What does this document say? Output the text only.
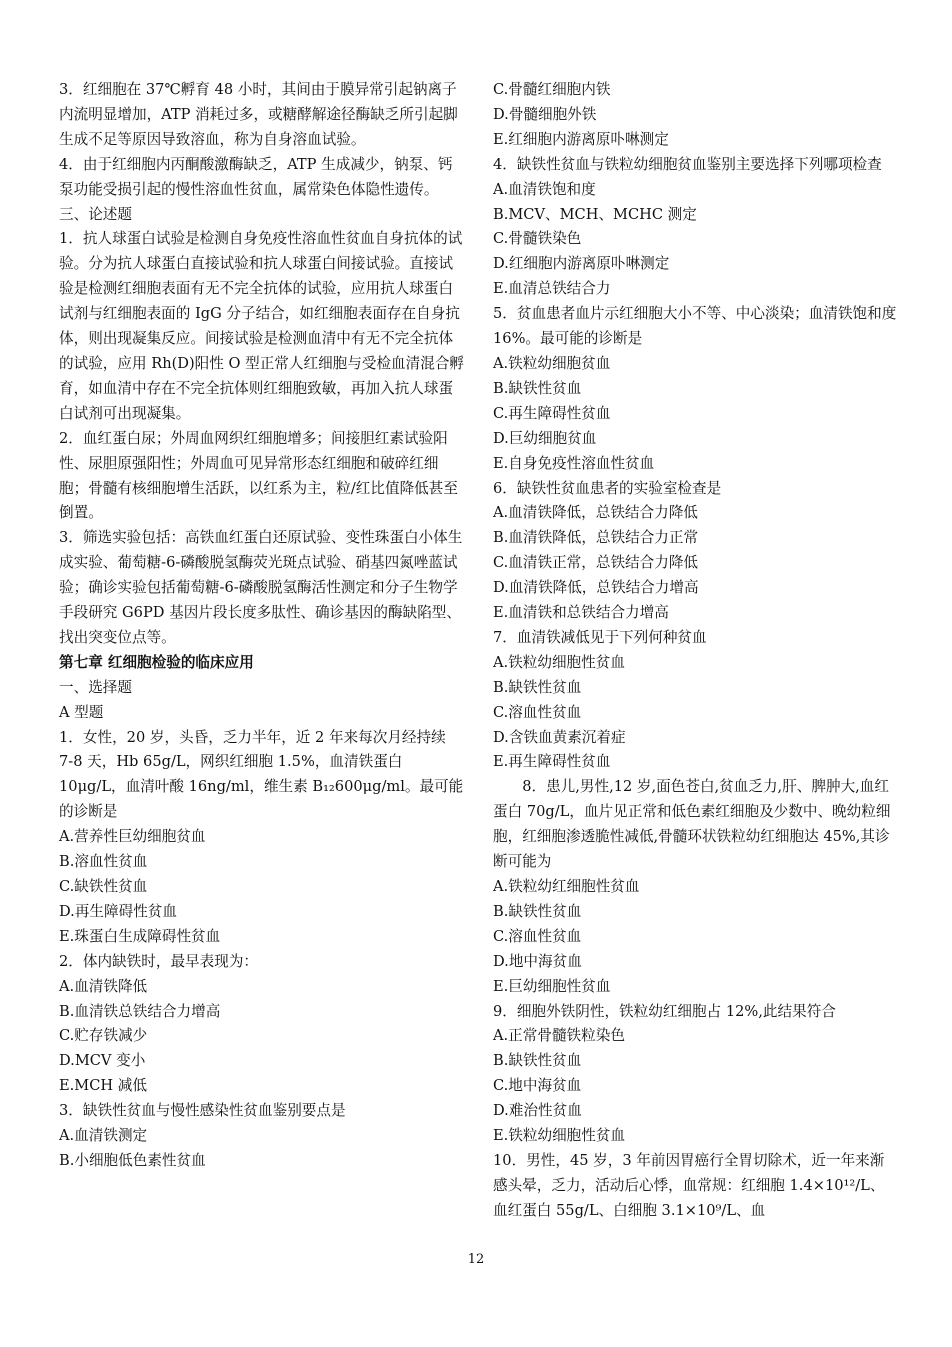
3．红细胞在 37℃孵育 48 小时，其间由于膜异常引起钠离子内流明显增加，ATP 消耗过多，或糖酵解途径酶缺乏所引起脚生成不足等原因导致溶血，称为自身溶血试验。

4．由于红细胞内丙酮酸激酶缺乏，ATP 生成减少，钠泵、钙泵功能受损引起的慢性溶血性贫血，属常染色体隐性遗传。

三、论述题

1．抗人球蛋白试验是检测自身免疫性溶血性贫血自身抗体的试验。分为抗人球蛋白直接试验和抗人球蛋白间接试验。直接试验是检测红细胞表面有无不完全抗体的试验，应用抗人球蛋白试剂与红细胞表面的 IgG 分子结合，如红细胞表面存在自身抗体，则出现凝集反应。间接试验是检测血清中有无不完全抗体的试验，应用 Rh(D)阳性 O 型正常人红细胞与受检血清混合孵育，如血清中存在不完全抗体则红细胞致敏，再加入抗人球蛋白试剂可出现凝集。

2．血红蛋白尿；外周血网织红细胞增多；间接胆红素试验阳性、尿胆原强阳性；外周血可见异常形态红细胞和破碎红细胞；骨髓有核细胞增生活跃，以红系为主，粒/红比值降低甚至倒置。

3．筛选实验包括：高铁血红蛋白还原试验、变性珠蛋白小体生成实验、葡萄糖-6-磷酸脱氢酶荧光斑点试验、硝基四氮唑蓝试验；确诊实验包括葡萄糖-6-磷酸脱氢酶活性测定和分子生物学手段研究 G6PD 基因片段长度多肽性、确诊基因的酶缺陷型、找出突变位点等。

第七章 红细胞检验的临床应用

一、选择题

A 型题

1．女性，20 岁，头昏，乏力半年，近 2 年来每次月经持续 7-8 天，Hb 65g/L，网织红细胞 1.5%，血清铁蛋白 10μg/L，血清叶酸 16ng/ml，维生素 B₁₂600μg/ml。最可能的诊断是

A.营养性巨幼细胞贫血

B.溶血性贫血

C.缺铁性贫血

D.再生障碍性贫血

E.珠蛋白生成障碍性贫血

2．体内缺铁时，最早表现为：

A.血清铁降低

B.血清铁总铁结合力增高

C.贮存铁减少

D.MCV 变小

E.MCH 减低

3．缺铁性贫血与慢性感染性贫血鉴别要点是

A.血清铁测定

B.小细胞低色素性贫血

C.骨髓红细胞内铁

D.骨髓细胞外铁

E.红细胞内游离原卟啉测定

4．缺铁性贫血与铁粒幼细胞贫血鉴别主要选择下列哪项检查

A.血清铁饱和度

B.MCV、MCH、MCHC 测定

C.骨髓铁染色

D.红细胞内游离原卟啉测定

E.血清总铁结合力

5．贫血患者血片示红细胞大小不等、中心淡染；血清铁饱和度 16%。最可能的诊断是

A.铁粒幼细胞贫血

B.缺铁性贫血

C.再生障碍性贫血

D.巨幼细胞贫血

E.自身免疫性溶血性贫血

6．缺铁性贫血患者的实验室检查是

A.血清铁降低，总铁结合力降低

B.血清铁降低，总铁结合力正常

C.血清铁正常，总铁结合力降低

D.血清铁降低，总铁结合力增高

E.血清铁和总铁结合力增高

7．血清铁减低见于下列何种贫血

A.铁粒幼细胞性贫血

B.缺铁性贫血

C.溶血性贫血

D.含铁血黄素沉着症

E.再生障碍性贫血

8．患儿,男性,12 岁,面色苍白,贫血乏力,肝、脾肿大,血红蛋白 70g/L，血片见正常和低色素红细胞及少数中、晚幼粒细胞，红细胞渗透脆性减低,骨髓环状铁粒幼红细胞达 45%,其诊断可能为

A.铁粒幼红细胞性贫血

B.缺铁性贫血

C.溶血性贫血

D.地中海贫血

E.巨幼细胞性贫血

9．细胞外铁阴性，铁粒幼红细胞占 12%,此结果符合

A.正常骨髓铁粒染色

B.缺铁性贫血

C.地中海贫血

D.难治性贫血

E.铁粒幼细胞性贫血

10．男性，45 岁，3 年前因胃癌行全胃切除术，近一年来渐感头晕，乏力，活动后心悸，血常规：红细胞 1.4×10¹²/L、血红蛋白 55g/L、白细胞 3.1×10⁹/L、血

12
